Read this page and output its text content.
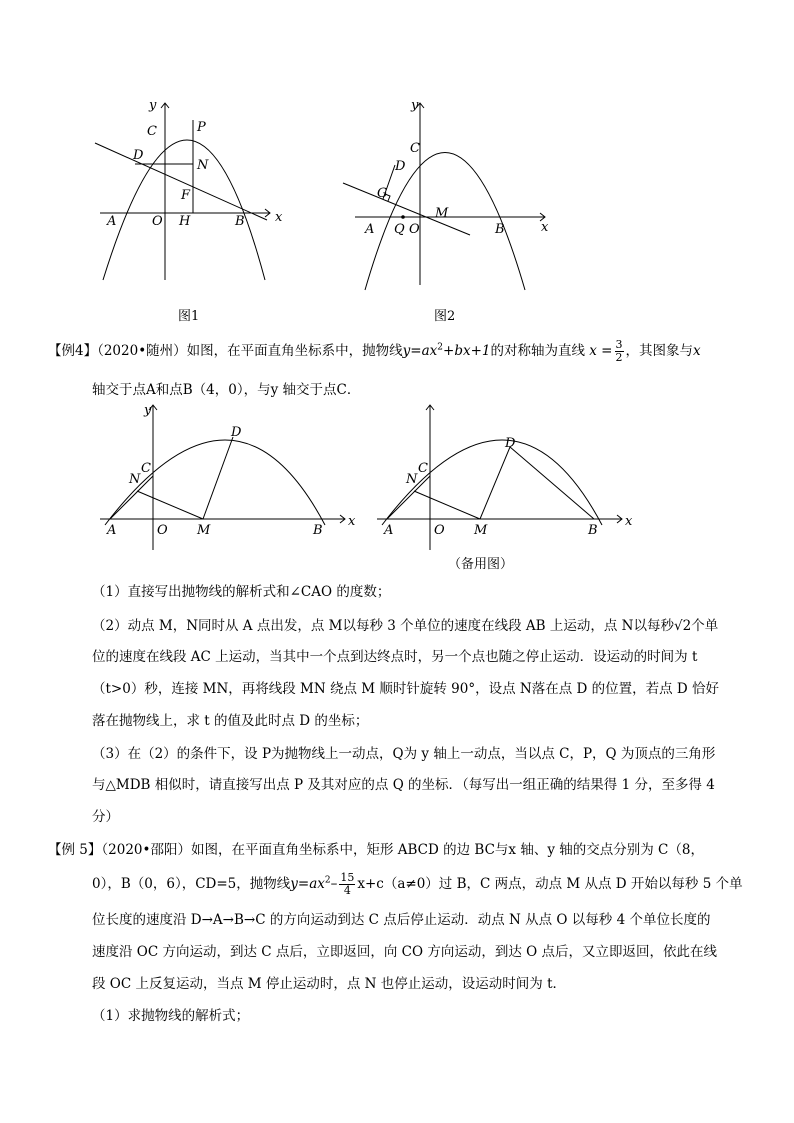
y
x
C	P
D
N
F
A	O H	B
图1
y
x
C
D
G
M
A Q O	B
图2
【例4】（2020•随州）如图，在平面直角坐标系中，抛物线$y=ax^2+bx+1$的对称轴为直线 $x = \frac{3}{2}$ ，其图象与x
轴交于点A和点B（4，0），与y 轴交于点C．
y
x
D
C
N
A	O M	B
x
D
C
N
A	O M	B
（备用图）
（1）直接写出抛物线的解析式和∠CAO 的度数；
（2）动点 M，N同时从 A 点出发，点 M以每秒 3 个单位的速度在线段 AB 上运动，点 N以每秒√2个单
位的速度在线段 AC 上运动，当其中一个点到达终点时，另一个点也随之停止运动．设运动的时间为 t
（t>0）秒，连接 MN，再将线段 MN 绕点 M 顺时针旋转 90°，设点 N落在点 D 的位置，若点 D 恰好
落在抛物线上，求 t 的值及此时点 D 的坐标；
（3）在（2）的条件下，设 P为抛物线上一动点，Q为 y 轴上一动点，当以点 C，P，Q 为顶点的三角形
与△MDB 相似时，请直接写出点 P 及其对应的点 Q 的坐标．（每写出一组正确的结果得 1 分，至多得 4
分）
【例 5】（2020•邵阳）如图，在平面直角坐标系中，矩形 ABCD 的边 BC与x 轴、y 轴的交点分别为 C（8，
0），B（0，6），CD=5，抛物线$y=ax^2- \frac{15}{4} x+c(a\ne 0)$过 B，C 两点，动点 M 从点 D 开始以每秒 5 个单
位长度的速度沿 D→A→B→C 的方向运动到达 C 点后停止运动．动点 N 从点 O 以每秒 4 个单位长度的
速度沿 OC 方向运动，到达 C 点后，立即返回，向 CO 方向运动，到达 O 点后，又立即返回，依此在线
段 OC 上反复运动，当点 M 停止运动时，点 N 也停止运动，设运动时间为 t．
（1）求抛物线的解析式；
